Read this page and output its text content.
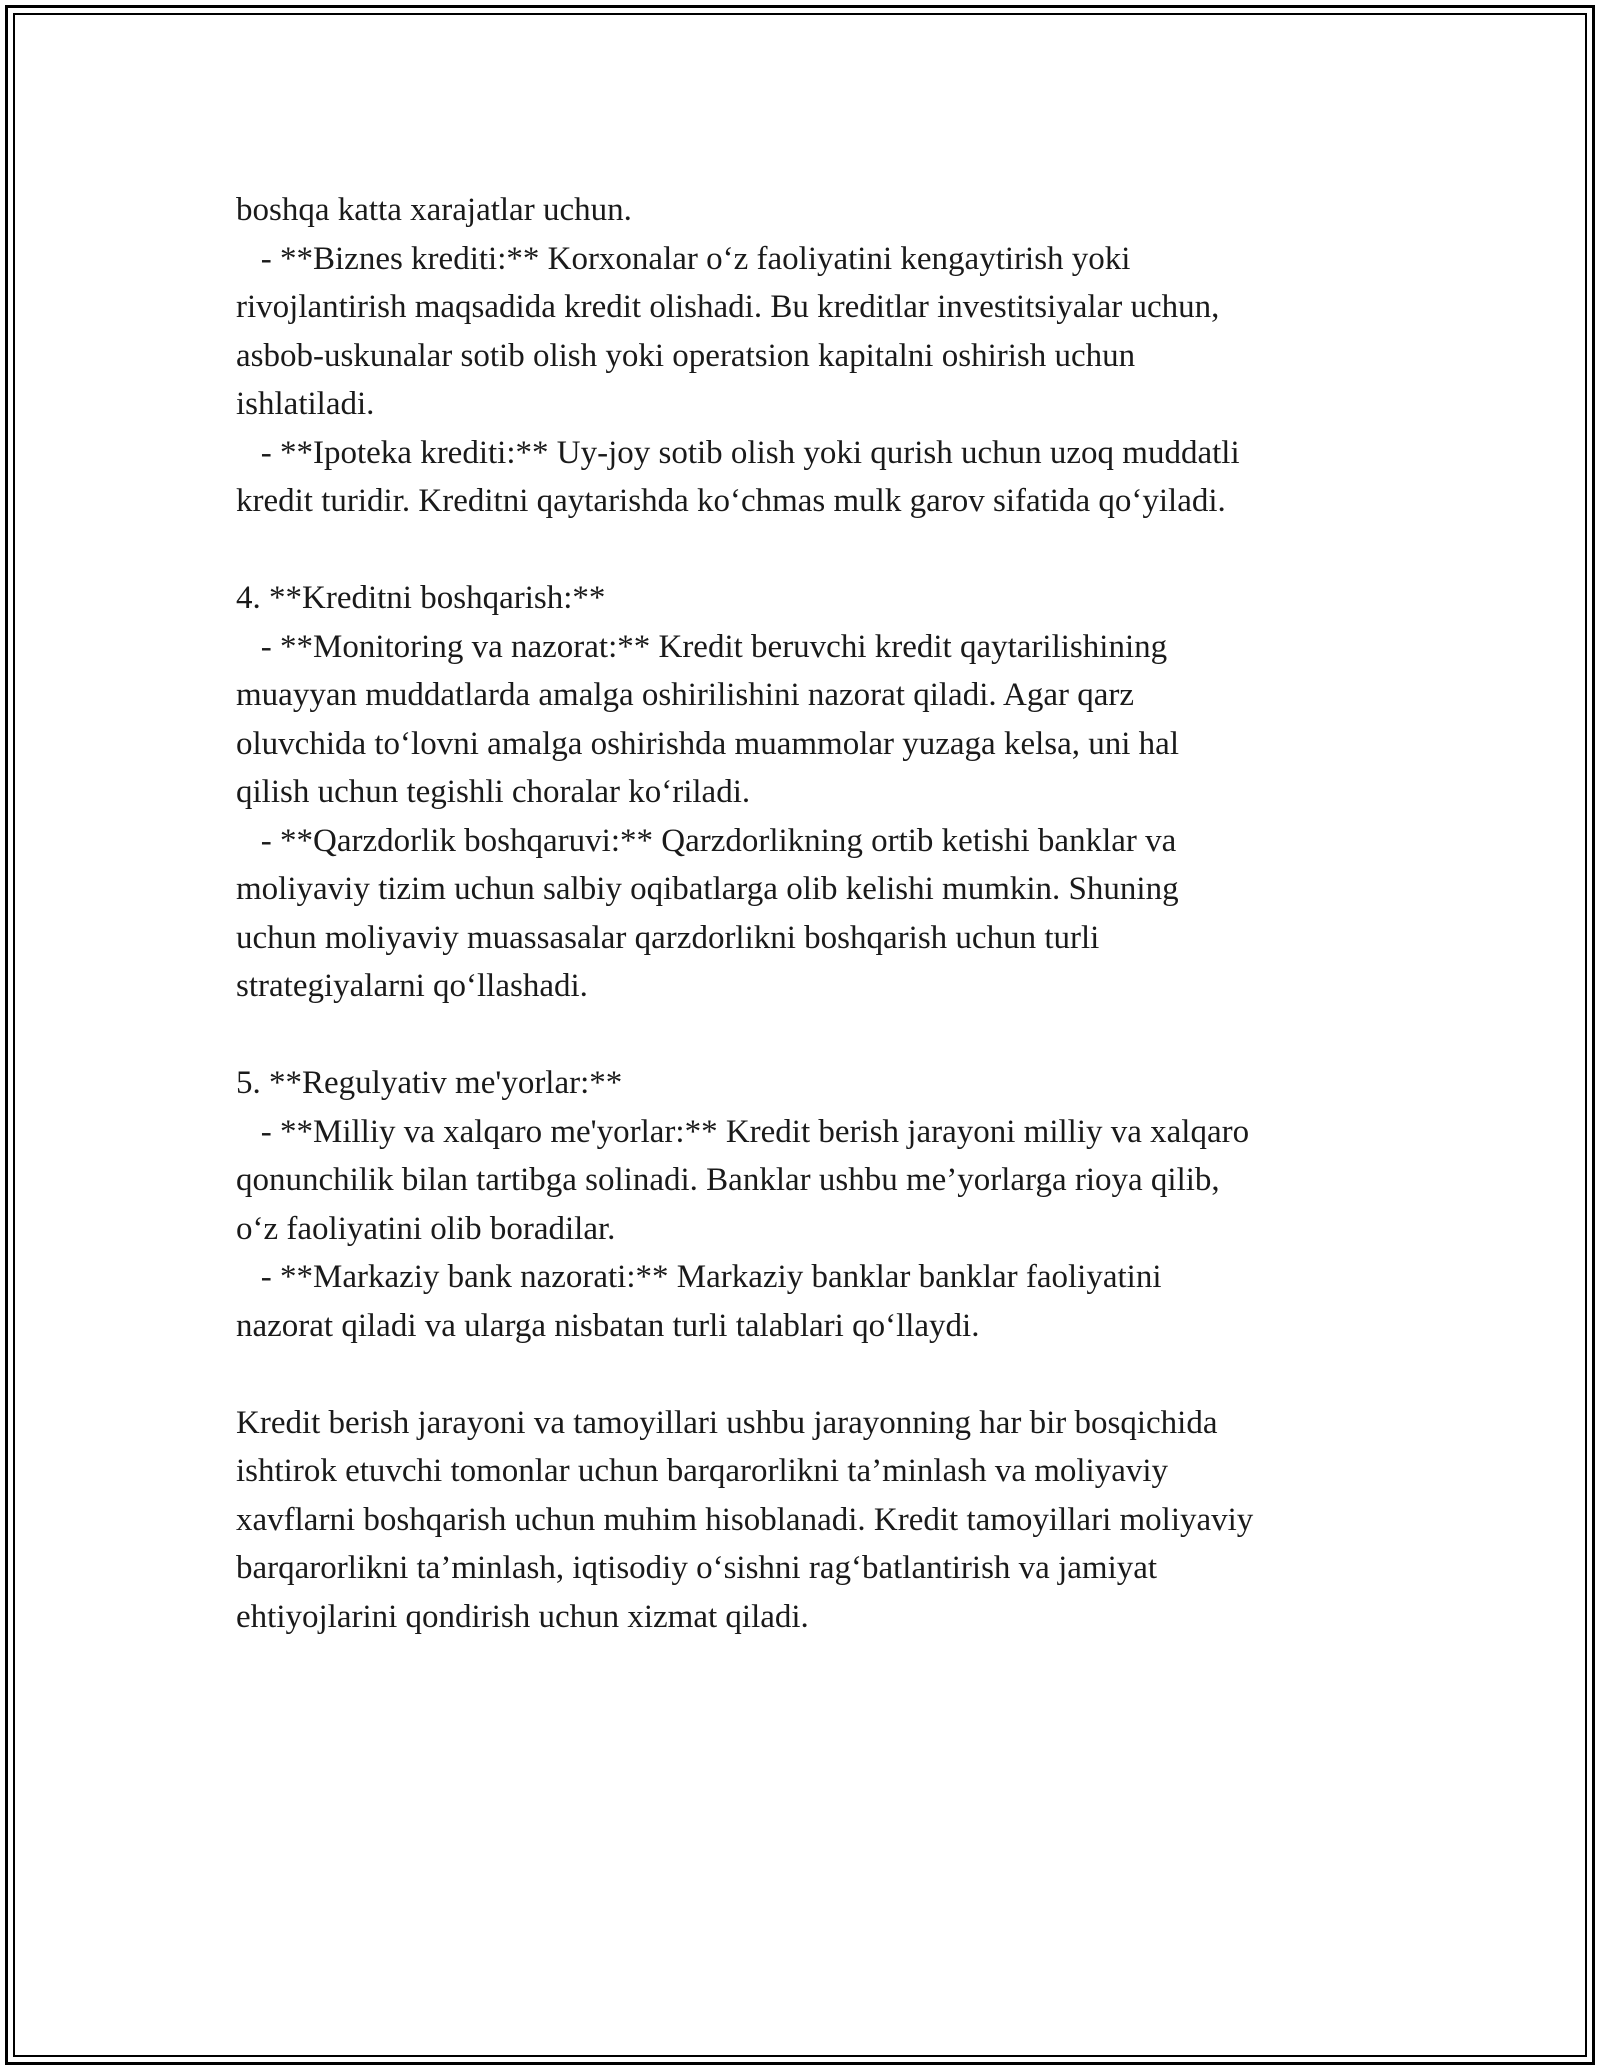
boshqa katta xarajatlar uchun.
- **Biznes krediti:** Korxonalar o‘z faoliyatini kengaytirish yoki
rivojlantirish maqsadida kredit olishadi. Bu kreditlar investitsiyalar uchun,
asbob-uskunalar sotib olish yoki operatsion kapitalni oshirish uchun
ishlatiladi.
- **Ipoteka krediti:** Uy-joy sotib olish yoki qurish uchun uzoq muddatli
kredit turidir. Kreditni qaytarishda ko‘chmas mulk garov sifatida qo‘yiladi.
4. **Kreditni boshqarish:**
- **Monitoring va nazorat:** Kredit beruvchi kredit qaytarilishining
muayyan muddatlarda amalga oshirilishini nazorat qiladi. Agar qarz
oluvchida to‘lovni amalga oshirishda muammolar yuzaga kelsa, uni hal
qilish uchun tegishli choralar ko‘riladi.
- **Qarzdorlik boshqaruvi:** Qarzdorlikning ortib ketishi banklar va
moliyaviy tizim uchun salbiy oqibatlarga olib kelishi mumkin. Shuning
uchun moliyaviy muassasalar qarzdorlikni boshqarish uchun turli
strategiyalarni qo‘llashadi.
5. **Regulyativ me'yorlar:**
- **Milliy va xalqaro me'yorlar:** Kredit berish jarayoni milliy va xalqaro
qonunchilik bilan tartibga solinadi. Banklar ushbu me’yorlarga rioya qilib,
o‘z faoliyatini olib boradilar.
- **Markaziy bank nazorati:** Markaziy banklar banklar faoliyatini
nazorat qiladi va ularga nisbatan turli talablari qo‘llaydi.
Kredit berish jarayoni va tamoyillari ushbu jarayonning har bir bosqichida
ishtirok etuvchi tomonlar uchun barqarorlikni ta’minlash va moliyaviy
xavflarni boshqarish uchun muhim hisoblanadi. Kredit tamoyillari moliyaviy
barqarorlikni ta’minlash, iqtisodiy o‘sishni rag‘batlantirish va jamiyat
ehtiyojlarini qondirish uchun xizmat qiladi.
